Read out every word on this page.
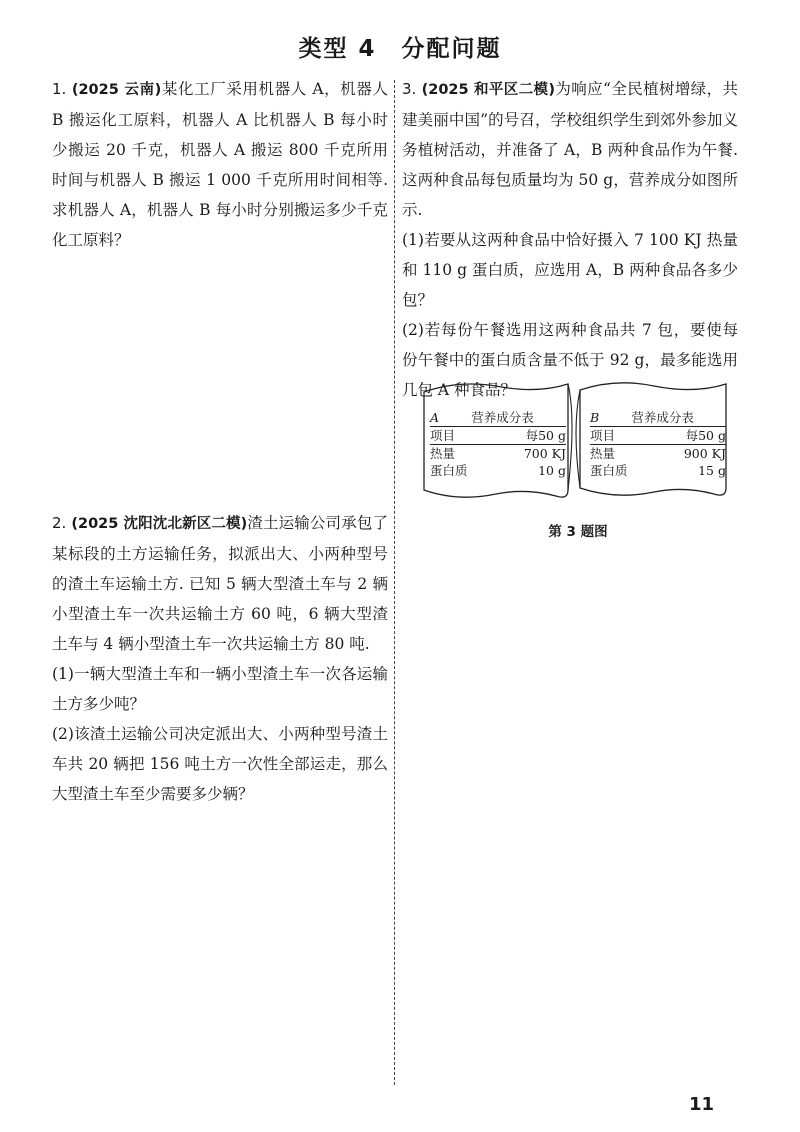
类型 4　分配问题

1. (2025 云南)某化工厂采用机器人 A，机器人 B 搬运化工原料，机器人 A 比机器人 B 每小时少搬运 20 千克，机器人 A 搬运 800 千克所用时间与机器人 B 搬运 1 000 千克所用时间相等. 求机器人 A，机器人 B 每小时分别搬运多少千克化工原料？

2. (2025 沈阳沈北新区二模)渣土运输公司承包了某标段的土方运输任务，拟派出大、小两种型号的渣土车运输土方. 已知 5 辆大型渣土车与 2 辆小型渣土车一次共运输土方 60 吨，6 辆大型渣土车与 4 辆小型渣土车一次共运输土方 80 吨.

(1)一辆大型渣土车和一辆小型渣土车一次各运输土方多少吨？

(2)该渣土运输公司决定派出大、小两种型号渣土车共 20 辆把 156 吨土方一次性全部运走，那么大型渣土车至少需要多少辆？

3. (2025 和平区二模)为响应“全民植树增绿，共建美丽中国”的号召，学校组织学生到郊外参加义务植树活动，并准备了 A，B 两种食品作为午餐. 这两种食品每包质量均为 50 g，营养成分如图所示.

(1)若要从这两种食品中恰好摄入 7 100 KJ 热量和 110 g 蛋白质，应选用 A，B 两种食品各多少包？

(2)若每份午餐选用这两种食品共 7 包，要使每份午餐中的蛋白质含量不低于 92 g，最多能选用几包 A 种食品？

A	营养成分表
项目	每50 g
热量	700 KJ
蛋白质	10 g
B	营养成分表
项目	每50 g
热量	900 KJ
蛋白质	15 g
第 3 题图
11
